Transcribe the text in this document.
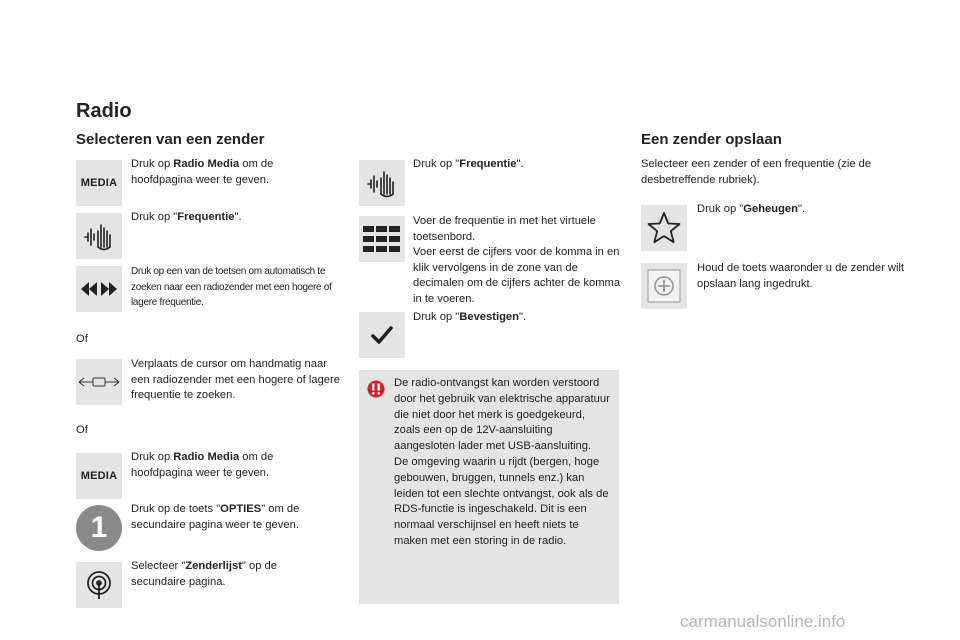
Radio
Selecteren van een zender
MEDIA
Druk op Radio Media om de hoofdpagina weer te geven.
Druk op "Frequentie".
Druk op een van de toetsen om automatisch te zoeken naar een radiozender met een hogere of lagere frequentie.
Of
Verplaats de cursor om handmatig naar een radiozender met een hogere of lagere frequentie te zoeken.
Of
MEDIA
Druk op Radio Media om de hoofdpagina weer te geven.
1
Druk op de toets "OPTIES" om de secundaire pagina weer te geven.
Selecteer "Zenderlijst" op de secundaire pagina.
Druk op "Frequentie".
Voer de frequentie in met het virtuele toetsenbord.
Voer eerst de cijfers voor de komma in en klik vervolgens in de zone van de decimalen om de cijfers achter de komma in te voeren.
Druk op "Bevestigen".
De radio-ontvangst kan worden verstoord door het gebruik van elektrische apparatuur die niet door het merk is goedgekeurd, zoals een op de 12V-aansluiting aangesloten lader met USB-aansluiting.
De omgeving waarin u rijdt (bergen, hoge gebouwen, bruggen, tunnels enz.) kan leiden tot een slechte ontvangst, ook als de RDS-functie is ingeschakeld. Dit is een normaal verschijnsel en heeft niets te maken met een storing in de radio.
Een zender opslaan
Selecteer een zender of een frequentie (zie de desbetreffende rubriek).
Druk op "Geheugen".
Houd de toets waaronder u de zender wilt opslaan lang ingedrukt.
carmanualsonline.info
